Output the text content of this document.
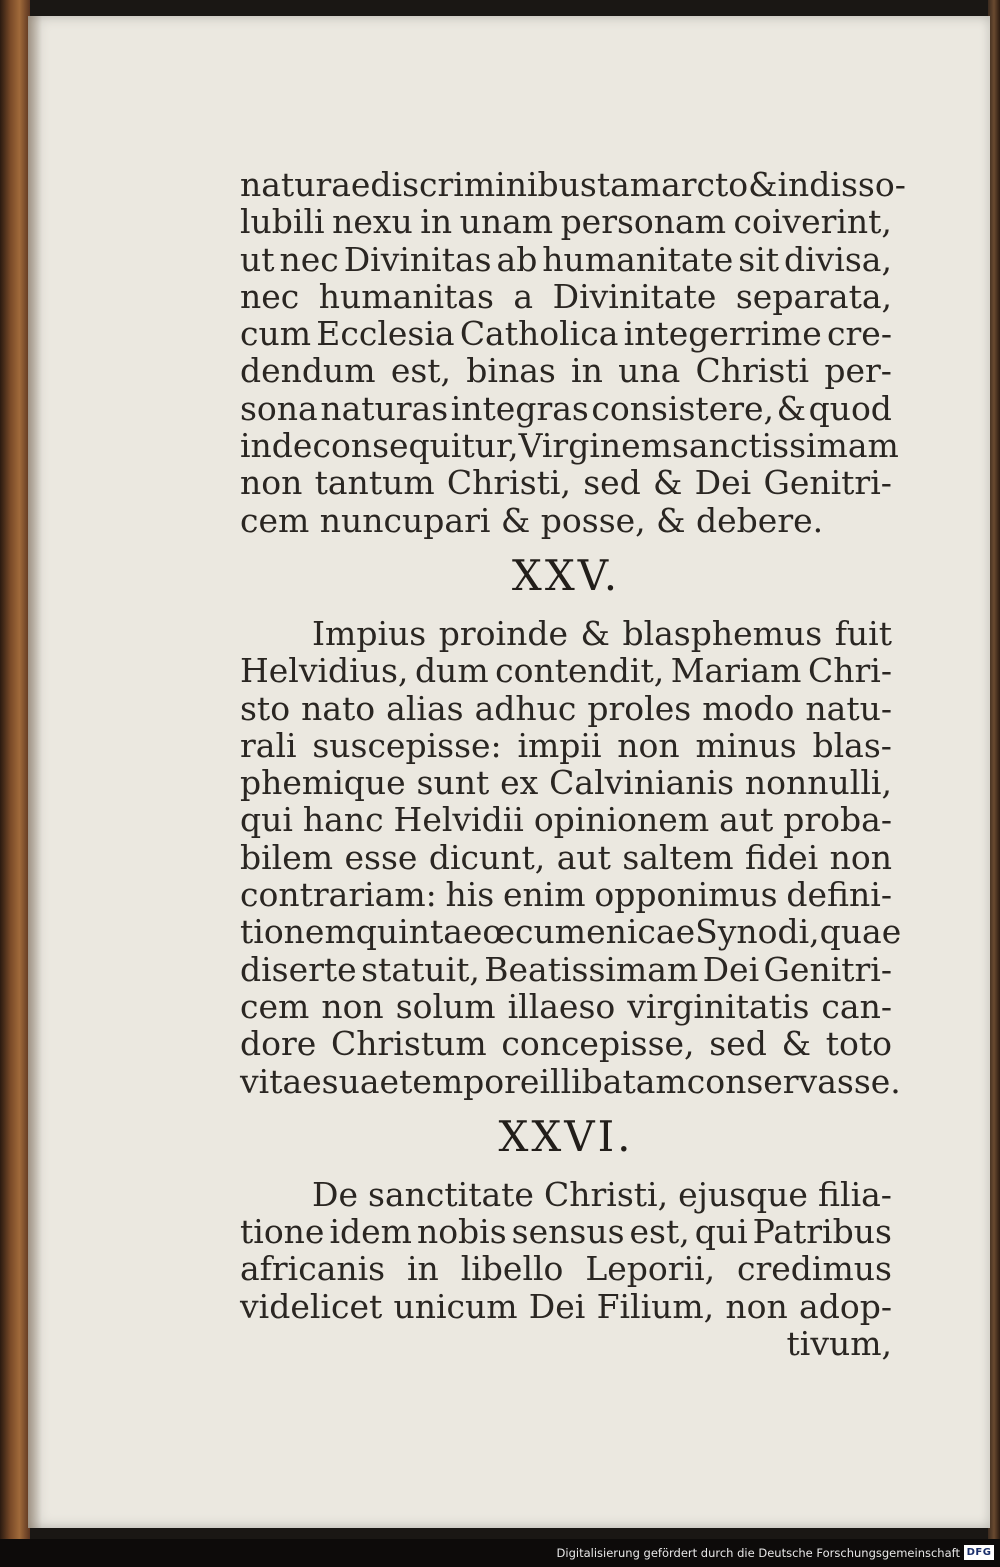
naturae discriminibus tam arcto & indisso-
lubili nexu in unam personam coiverint,
ut nec Divinitas ab humanitate sit divisa,
nec humanitas a Divinitate separata,
cum Ecclesia Catholica integerrime cre-
dendum est, binas in una Christi per-
sona naturas integras consistere, & quod
inde consequitur, Virginem sanctissimam
non tantum Christi, sed & Dei Genitri-
cem nuncupari & posse, & debere.
XXV.
Impius proinde & blasphemus fuit
Helvidius, dum contendit, Mariam Chri-
sto nato alias adhuc proles modo natu-
rali suscepisse: impii non minus blas-
phemique sunt ex Calvinianis nonnulli,
qui hanc Helvidii opinionem aut proba-
bilem esse dicunt, aut saltem fidei non
contrariam: his enim opponimus defini-
tionem quintae œcumenicae Synodi, quae
diserte statuit, Beatissimam Dei Genitri-
cem non solum illaeso virginitatis can-
dore Christum concepisse, sed & toto
vitae suae tempore illibatam conservasse.
XXVI.
De sanctitate Christi, ejusque filia-
tione idem nobis sensus est, qui Patribus
africanis in libello Leporii, credimus
videlicet unicum Dei Filium, non adop-
tivum,
Digitalisierung gefördert durch die Deutsche Forschungsgemeinschaft DFG
